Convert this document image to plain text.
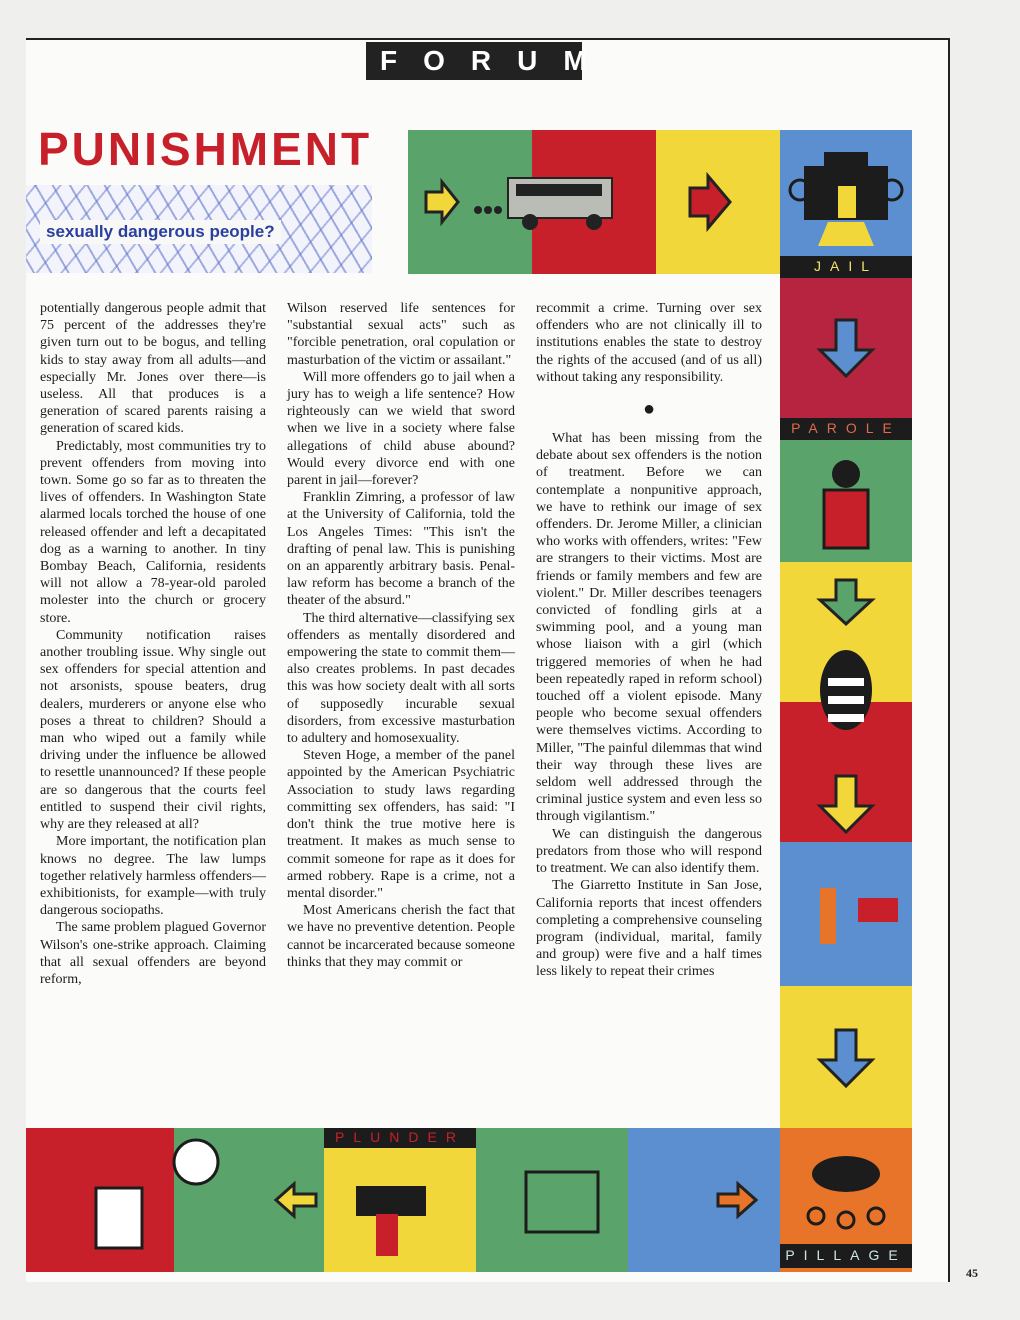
FORUM
PUNISHMENT
sexually dangerous people?
JAIL
PAROLE
PLUNDER
PILLAGE

potentially dangerous people admit that 75 percent of the addresses they're given turn out to be bogus, and telling kids to stay away from all adults—and especially Mr. Jones over there—is useless. All that produces is a generation of scared parents raising a generation of scared kids.

Predictably, most communities try to prevent offenders from moving into town. Some go so far as to threaten the lives of offenders. In Washington State alarmed locals torched the house of one released offender and left a decapitated dog as a warning to another. In tiny Bombay Beach, California, residents will not allow a 78-year-old paroled molester into the church or grocery store.

Community notification raises another troubling issue. Why single out sex offenders for special attention and not arsonists, spouse beaters, drug dealers, murderers or anyone else who poses a threat to children? Should a man who wiped out a family while driving under the influence be allowed to resettle unannounced? If these people are so dangerous that the courts feel entitled to suspend their civil rights, why are they released at all?

More important, the notification plan knows no degree. The law lumps together relatively harmless offenders—exhibitionists, for example—with truly dangerous sociopaths.

The same problem plagued Governor Wilson's one-strike approach. Claiming that all sexual offenders are beyond reform,

Wilson reserved life sentences for "substantial sexual acts" such as "forcible penetration, oral copulation or masturbation of the victim or assailant."

Will more offenders go to jail when a jury has to weigh a life sentence? How righteously can we wield that sword when we live in a society where false allegations of child abuse abound? Would every divorce end with one parent in jail—forever?

Franklin Zimring, a professor of law at the University of California, told the Los Angeles Times: "This isn't the drafting of penal law. This is punishing on an apparently arbitrary basis. Penal-law reform has become a branch of the theater of the absurd."

The third alternative—classifying sex offenders as mentally disordered and empowering the state to commit them—also creates problems. In past decades this was how society dealt with all sorts of supposedly incurable sexual disorders, from excessive masturbation to adultery and homosexuality.

Steven Hoge, a member of the panel appointed by the American Psychiatric Association to study laws regarding committing sex offenders, has said: "I don't think the true motive here is treatment. It makes as much sense to commit someone for rape as it does for armed robbery. Rape is a crime, not a mental disorder."

Most Americans cherish the fact that we have no preventive detention. People cannot be incarcerated because someone thinks that they may commit or

recommit a crime. Turning over sex offenders who are not clinically ill to institutions enables the state to destroy the rights of the accused (and of us all) without taking any responsibility.

●

What has been missing from the debate about sex offenders is the notion of treatment. Before we can contemplate a nonpunitive approach, we have to rethink our image of sex offenders. Dr. Jerome Miller, a clinician who works with offenders, writes: "Few are strangers to their victims. Most are friends or family members and few are violent." Dr. Miller describes teenagers convicted of fondling girls at a swimming pool, and a young man whose liaison with a girl (which triggered memories of when he had been repeatedly raped in reform school) touched off a violent episode. Many people who become sexual offenders were themselves victims. According to Miller, "The painful dilemmas that wind their way through these lives are seldom well addressed through the criminal justice system and even less so through vigilantism."

We can distinguish the dangerous predators from those who will respond to treatment. We can also identify them.

The Giarretto Institute in San Jose, California reports that incest offenders completing a comprehensive counseling program (individual, marital, family and group) were five and a half times less likely to repeat their crimes

45
